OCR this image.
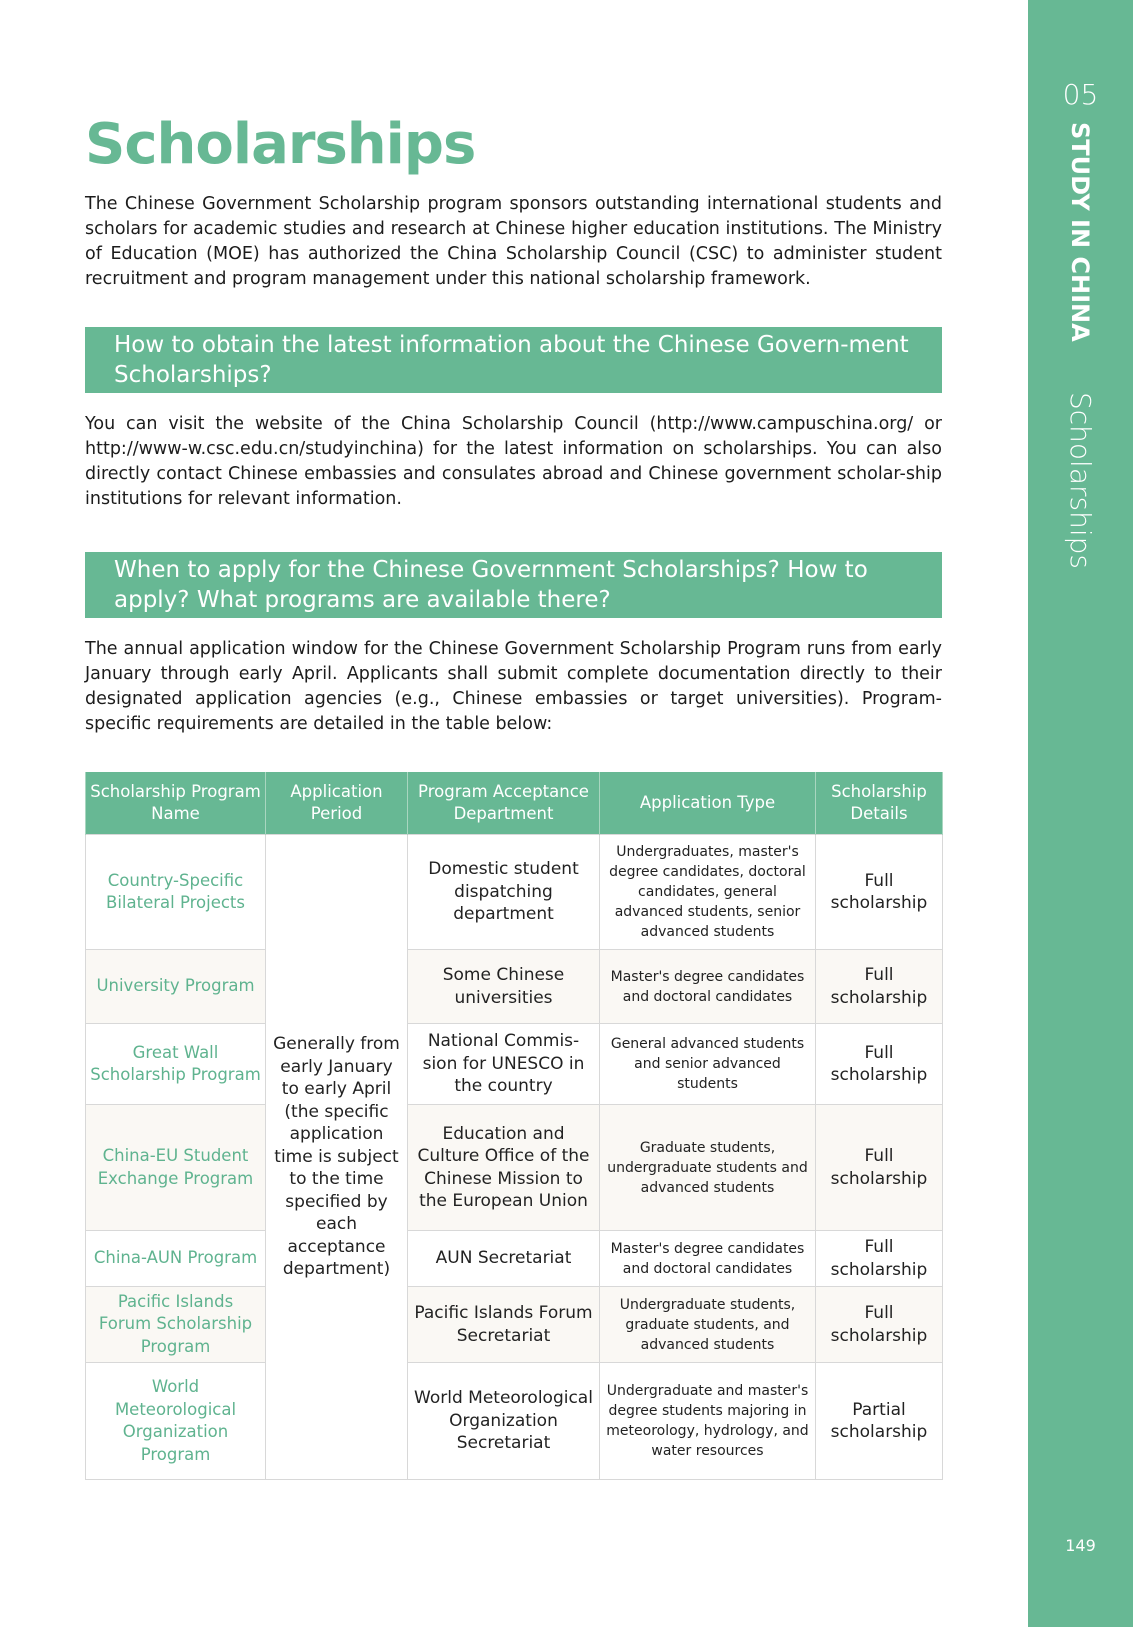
05
STUDY IN CHINA
Scholarships
149
Scholarships

The Chinese Government Scholarship program sponsors outstanding international students and scholars for academic studies and research at Chinese higher education institutions. The Ministry of Education (MOE) has authorized the China Scholarship Council (CSC) to administer student recruitment and program management under this national scholarship framework.

How to obtain the latest information about the Chinese Govern-ment Scholarships?

You can visit the website of the China Scholarship Council (http://www.campuschina.org/ or http://www-w.csc.edu.cn/studyinchina) for the latest information on scholarships. You can also directly contact Chinese embassies and consulates abroad and Chinese government scholar-ship institutions for relevant information.

When to apply for the Chinese Government Scholarships? How to apply? What programs are available there?

The annual application window for the Chinese Government Scholarship Program runs from early January through early April. Applicants shall submit complete documentation directly to their designated application agencies (e.g., Chinese embassies or target universities). Program-specific requirements are detailed in the table below:

Scholarship Program Name	Application Period	Program Acceptance Department	Application Type	Scholarship Details
Country-Specific Bilateral Projects	Generally from early January to early April (the specific application time is subject to the time specified by each acceptance department)	Domestic student dispatching department	Undergraduates, master's degree candidates, doctoral candidates, general advanced students, senior advanced students	Full scholarship
University Program		Some Chinese universities	Master's degree candidates and doctoral candidates	Full scholarship
Great Wall Scholarship Program		National Commis-sion for UNESCO in the country	General advanced students and senior advanced students	Full scholarship
China-EU Student Exchange Program		Education and Culture Office of the Chinese Mission to the European Union	Graduate students, undergraduate students and advanced students	Full scholarship
China-AUN Program		AUN Secretariat	Master's degree candidates and doctoral candidates	Full scholarship
Pacific Islands Forum Scholarship Program		Pacific Islands Forum Secretariat	Undergraduate students, graduate students, and advanced students	Full scholarship
World Meteorological Organization Program		World Meteorological Organization Secretariat	Undergraduate and master's degree students majoring in meteorology, hydrology, and water resources	Partial scholarship
